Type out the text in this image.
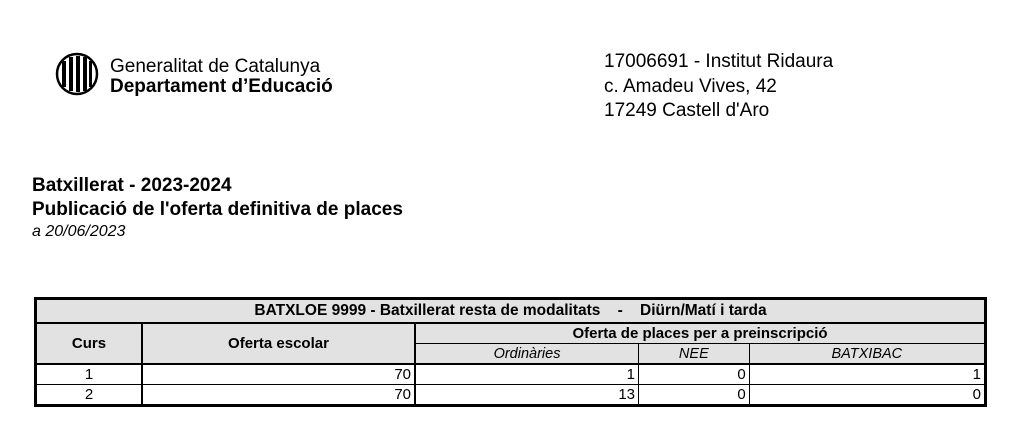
Generalitat de Catalunya
Departament d’Educació
17006691 - Institut Ridaura
c. Amadeu Vives, 42
17249 Castell d'Aro
Batxillerat - 2023-2024
Publicació de l'oferta definitiva de places
a 20/06/2023
BATXLOE 9999 - Batxillerat resta de modalitats    -    Diürn/Matí i tarda				
Curs	Oferta escolar	Oferta de places per a preinscripció		
		Ordinàries	NEE	BATXIBAC
1	70	1	0	1
2	70	13	0	0
